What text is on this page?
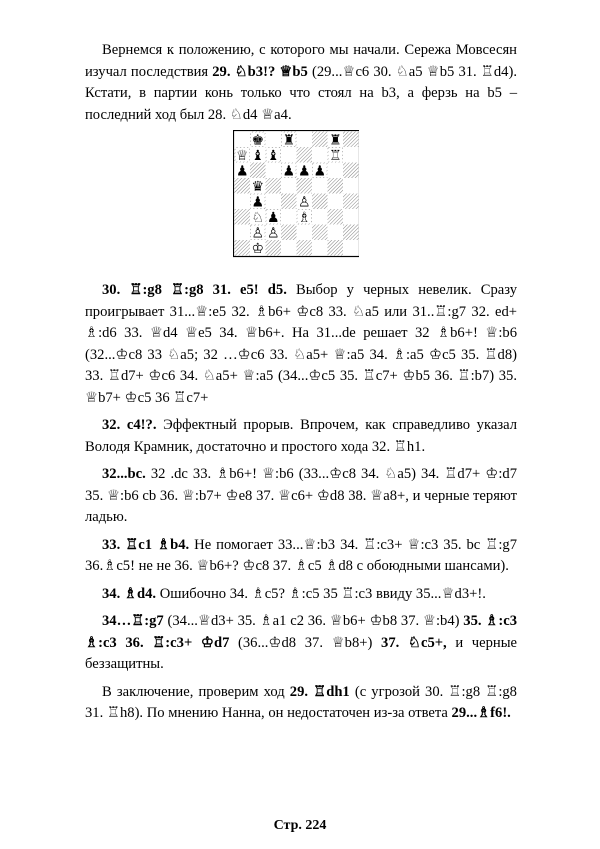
Вернемся к положению, с которого мы начали. Сережа Мовсесян изучал последствия 29. ♘b3!? ♕b5 (29...♕c6 30. ♘a5 ♕b5 31. ♖d4). Кстати, в партии конь только что стоял на b3, а ферзь на b5 – последний ход был 28. ♘d4 ♕a4.

30. ♖:g8 ♖:g8 31. e5! d5. Выбор у черных невелик. Сразу проигрывает 31...♕:e5 32. ♗b6+ ♔c8 33. ♘a5 или 31..♖:g7 32. ed+ ♗:d6 33. ♕d4 ♕e5 34. ♕b6+. На 31...de решает 32 ♗b6+! ♕:b6 (32...♔c8 33 ♘a5; 32 …♔c6 33. ♘a5+ ♕:a5 34. ♗:a5 ♔c5 35. ♖d8) 33. ♖d7+ ♔c6 34. ♘a5+ ♕:a5 (34...♔c5 35. ♖c7+ ♔b5 36. ♖:b7) 35. ♕b7+ ♔c5 36 ♖c7+

32. c4!?. Эффектный прорыв. Впрочем, как справедливо указал Володя Крамник, достаточно и простого хода 32. ♖h1.

32...bc. 32 .dc 33. ♗b6+! ♕:b6 (33...♔c8 34. ♘a5) 34. ♖d7+ ♔:d7 35. ♕:b6 cb 36. ♕:b7+ ♔e8 37. ♕c6+ ♔d8 38. ♕a8+, и черные теряют ладью.

33. ♖c1 ♗b4. Не помогает 33...♕:b3 34. ♖:c3+ ♕:c3 35. bc ♖:g7 36.♗c5! не не 36. ♕b6+? ♔c8 37. ♗c5 ♗d8 с обоюдными шансами).

34. ♗d4. Ошибочно 34. ♗c5? ♗:c5 35 ♖:c3 ввиду 35...♕d3+!.

34…♖:g7 (34...♕d3+ 35. ♗a1 c2 36. ♕b6+ ♔b8 37. ♕:b4) 35. ♗:c3 ♗:c3 36. ♖:c3+ ♔d7 (36...♔d8 37. ♕b8+) 37. ♘c5+, и черные беззащитны.

В заключение, проверим ход 29. ♖dh1 (с угрозой 30. ♖:g8 ♖:g8 31. ♖h8). По мнению Нанна, он недостаточен из-за ответа 29...♗f6!.

♚ ♜ ♜
♕ ♝ ♝	♖
♟ ♟ ♟ ♟
♛
♟ ♙
♘ ♟ ♗
♙ ♙
♔
Стр. 224
